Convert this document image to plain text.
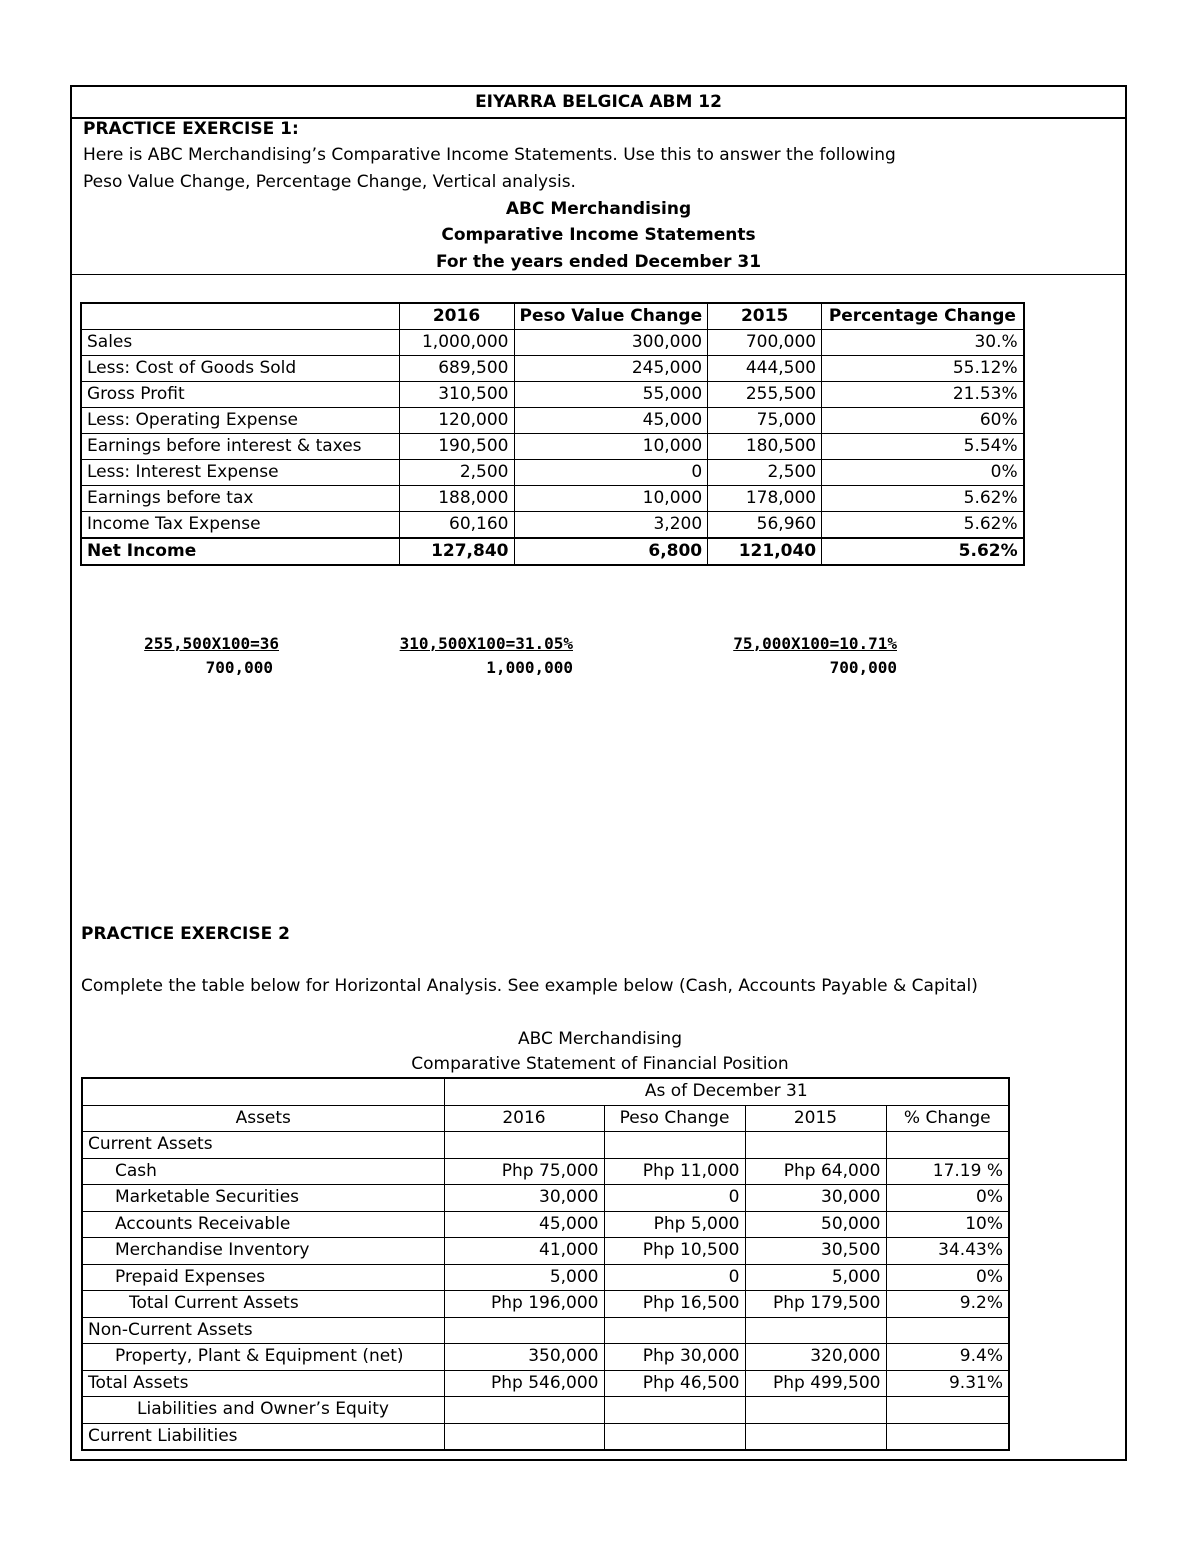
EIYARRA BELGICA ABM 12
PRACTICE EXERCISE 1:
Here is ABC Merchandising’s Comparative Income Statements. Use this to answer the following
Peso Value Change, Percentage Change, Vertical analysis.
ABC Merchandising
Comparative Income Statements
For the years ended December 31
	2016	Peso Value Change	2015	Percentage Change
Sales	1,000,000	300,000	700,000	30.%
Less: Cost of Goods Sold	689,500	245,000	444,500	55.12%
Gross Profit	310,500	55,000	255,500	21.53%
Less: Operating Expense	120,000	45,000	75,000	60%
Earnings before interest & taxes	190,500	10,000	180,500	5.54%
Less: Interest Expense	2,500	0	2,500	0%
Earnings before tax	188,000	10,000	178,000	5.62%
Income Tax Expense	60,160	3,200	56,960	5.62%
Net Income	127,840	6,800	121,040	5.62%
$\frac{255,500X100=36}{700,000}$	$\frac{310,500X100=31.05\%}{1,000,000}$	$\frac{75,000X100=10.71\%}{700,000}$
PRACTICE EXERCISE 2
Complete the table below for Horizontal Analysis. See example below (Cash, Accounts Payable & Capital)
ABC Merchandising
Comparative Statement of Financial Position
	As of December 31			
Assets	2016	Peso Change	2015	% Change
Current Assets				
Cash	Php 75,000	Php 11,000	Php 64,000	17.19 %
Marketable Securities	30,000	0	30,000	0%
Accounts Receivable	45,000	Php 5,000	50,000	10%
Merchandise Inventory	41,000	Php 10,500	30,500	34.43%
Prepaid Expenses	5,000	0	5,000	0%
Total Current Assets	Php 196,000	Php 16,500	Php 179,500	9.2%
Non-Current Assets				
Property, Plant & Equipment (net)	350,000	Php 30,000	320,000	9.4%
Total Assets	Php 546,000	Php 46,500	Php 499,500	9.31%
Liabilities and Owner’s Equity				
Current Liabilities				
